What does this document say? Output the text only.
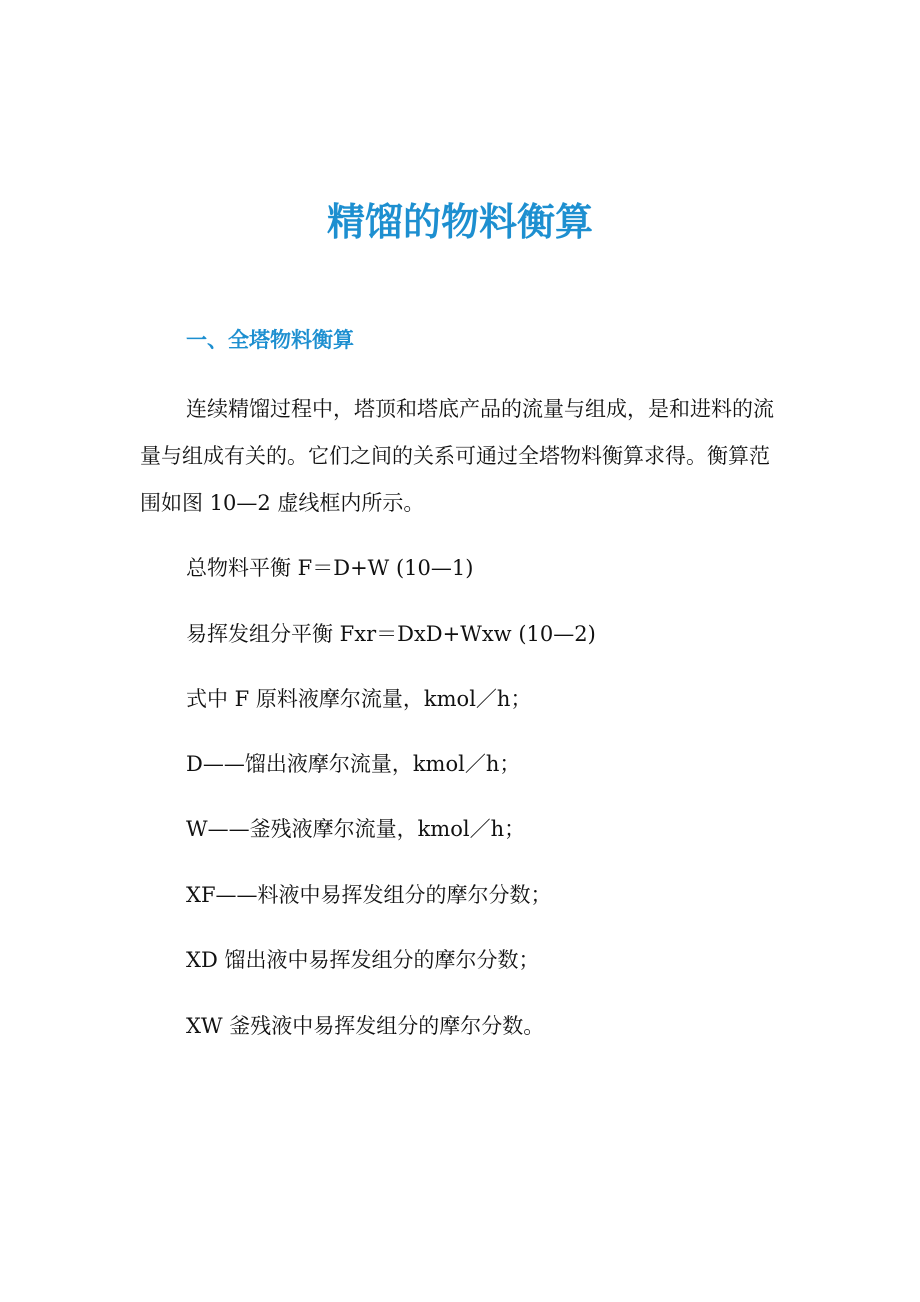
精馏的物料衡算
一、全塔物料衡算

连续精馏过程中，塔顶和塔底产品的流量与组成，是和进料的流量与组成有关的。它们之间的关系可通过全塔物料衡算求得。衡算范围如图 10—2 虚线框内所示。

总物料平衡 F＝D+W (10—1)

易挥发组分平衡 Fxr＝DxD+Wxw (10—2)

式中 F 原料液摩尔流量，kmol／h；

D——馏出液摩尔流量，kmol／h；

W——釜残液摩尔流量，kmol／h；

XF——料液中易挥发组分的摩尔分数；

XD 馏出液中易挥发组分的摩尔分数；

XW 釜残液中易挥发组分的摩尔分数。
